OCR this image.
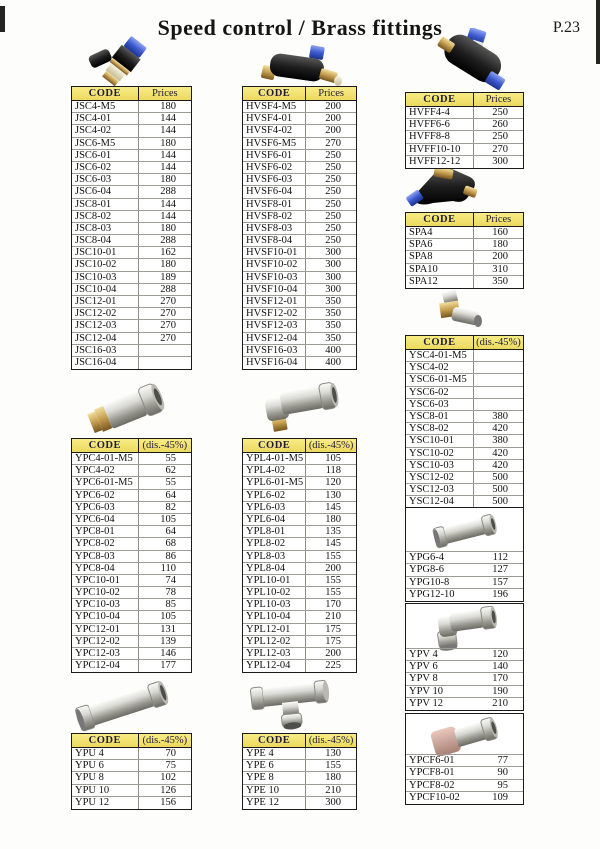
Speed control / Brass fittings	P.23
CODE	Prices
JSC4-M5	180
JSC4-01	144
JSC4-02	144
JSC6-M5	180
JSC6-01	144
JSC6-02	144
JSC6-03	180
JSC6-04	288
JSC8-01	144
JSC8-02	144
JSC8-03	180
JSC8-04	288
JSC10-01	162
JSC10-02	180
JSC10-03	189
JSC10-04	288
JSC12-01	270
JSC12-02	270
JSC12-03	270
JSC12-04	270
JSC16-03
JSC16-04
CODE	Prices
HVSF4-M5	200
HVSF4-01	200
HVSF4-02	200
HVSF6-M5	270
HVSF6-01	250
HVSF6-02	250
HVSF6-03	250
HVSF6-04	250
HVSF8-01	250
HVSF8-02	250
HVSF8-03	250
HVSF8-04	250
HVSF10-01	300
HVSF10-02	300
HVSF10-03	300
HVSF10-04	300
HVSF12-01	350
HVSF12-02	350
HVSF12-03	350
HVSF12-04	350
HVSF16-03	400
HVSF16-04	400
CODE	Prices
HVFF4-4	250
HVFF6-6	260
HVFF8-8	250
HVFF10-10	270
HVFF12-12	300
CODE	Prices
SPA4	160
SPA6	180
SPA8	200
SPA10	310
SPA12	350
CODE	(dis.-45%)
YSC4-01-M5
YSC4-02
YSC6-01-M5
YSC6-02
YSC6-03
YSC8-01	380
YSC8-02	420
YSC10-01	380
YSC10-02	420
YSC10-03	420
YSC12-02	500
YSC12-03	500
YSC12-04	500
YPG6-4	112
YPG8-6	127
YPG10-8	157
YPG12-10	196
YPV 4	120
YPV 6	140
YPV 8	170
YPV 10	190
YPV 12	210
YPCF6-01	77
YPCF8-01	90
YPCF8-02	95
YPCF10-02	109
CODE	(dis.-45%)
YPC4-01-M5	55
YPC4-02	62
YPC6-01-M5	55
YPC6-02	64
YPC6-03	82
YPC6-04	105
YPC8-01	64
YPC8-02	68
YPC8-03	86
YPC8-04	110
YPC10-01	74
YPC10-02	78
YPC10-03	85
YPC10-04	105
YPC12-01	131
YPC12-02	139
YPC12-03	146
YPC12-04	177
CODE	(dis.-45%)
YPL4-01-M5	105
YPL4-02	118
YPL6-01-M5	120
YPL6-02	130
YPL6-03	145
YPL6-04	180
YPL8-01	135
YPL8-02	145
YPL8-03	155
YPL8-04	200
YPL10-01	155
YPL10-02	155
YPL10-03	170
YPL10-04	210
YPL12-01	175
YPL12-02	175
YPL12-03	200
YPL12-04	225
CODE	(dis.-45%)
YPU 4	70
YPU 6	75
YPU 8	102
YPU 10	126
YPU 12	156
CODE	(dis.-45%)
YPE 4	130
YPE 6	155
YPE 8	180
YPE 10	210
YPE 12	300
